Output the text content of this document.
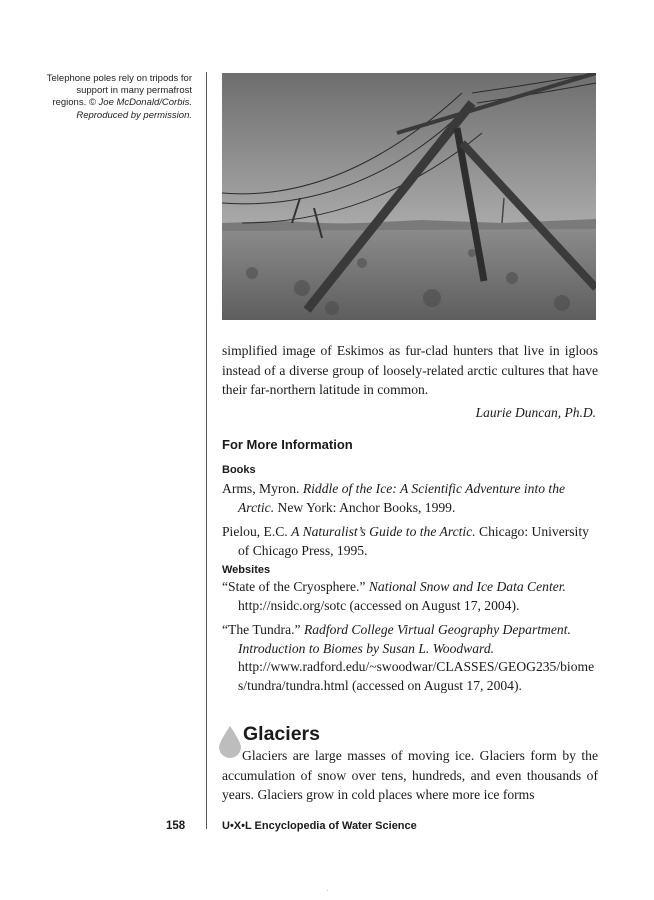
Telephone poles rely on tripods for support in many permafrost regions. © Joe McDonald/Corbis. Reproduced by permission.
simplified image of Eskimos as fur-clad hunters that live in igloos instead of a diverse group of loosely-related arctic cultures that have their far-northern latitude in common.
Laurie Duncan, Ph.D.
For More Information
Books

Arms, Myron. Riddle of the Ice: A Scientific Adventure into the Arctic. New York: Anchor Books, 1999.

Pielou, E.C. A Naturalist’s Guide to the Arctic. Chicago: University of Chicago Press, 1995.

Websites

“State of the Cryosphere.” National Snow and Ice Data Center. http://nsidc.org/sotc (accessed on August 17, 2004).

“The Tundra.” Radford College Virtual Geography Department. Introduction to Biomes by Susan L. Woodward. http://www.radford.edu/~swoodwar/CLASSES/GEOG235/biomes/tundra/tundra.html (accessed on August 17, 2004).

Glaciers
Glaciers are large masses of moving ice. Glaciers form by the accumulation of snow over tens, hundreds, and even thousands of years. Glaciers grow in cold places where more ice forms
158	U•X•L Encyclopedia of Water Science
